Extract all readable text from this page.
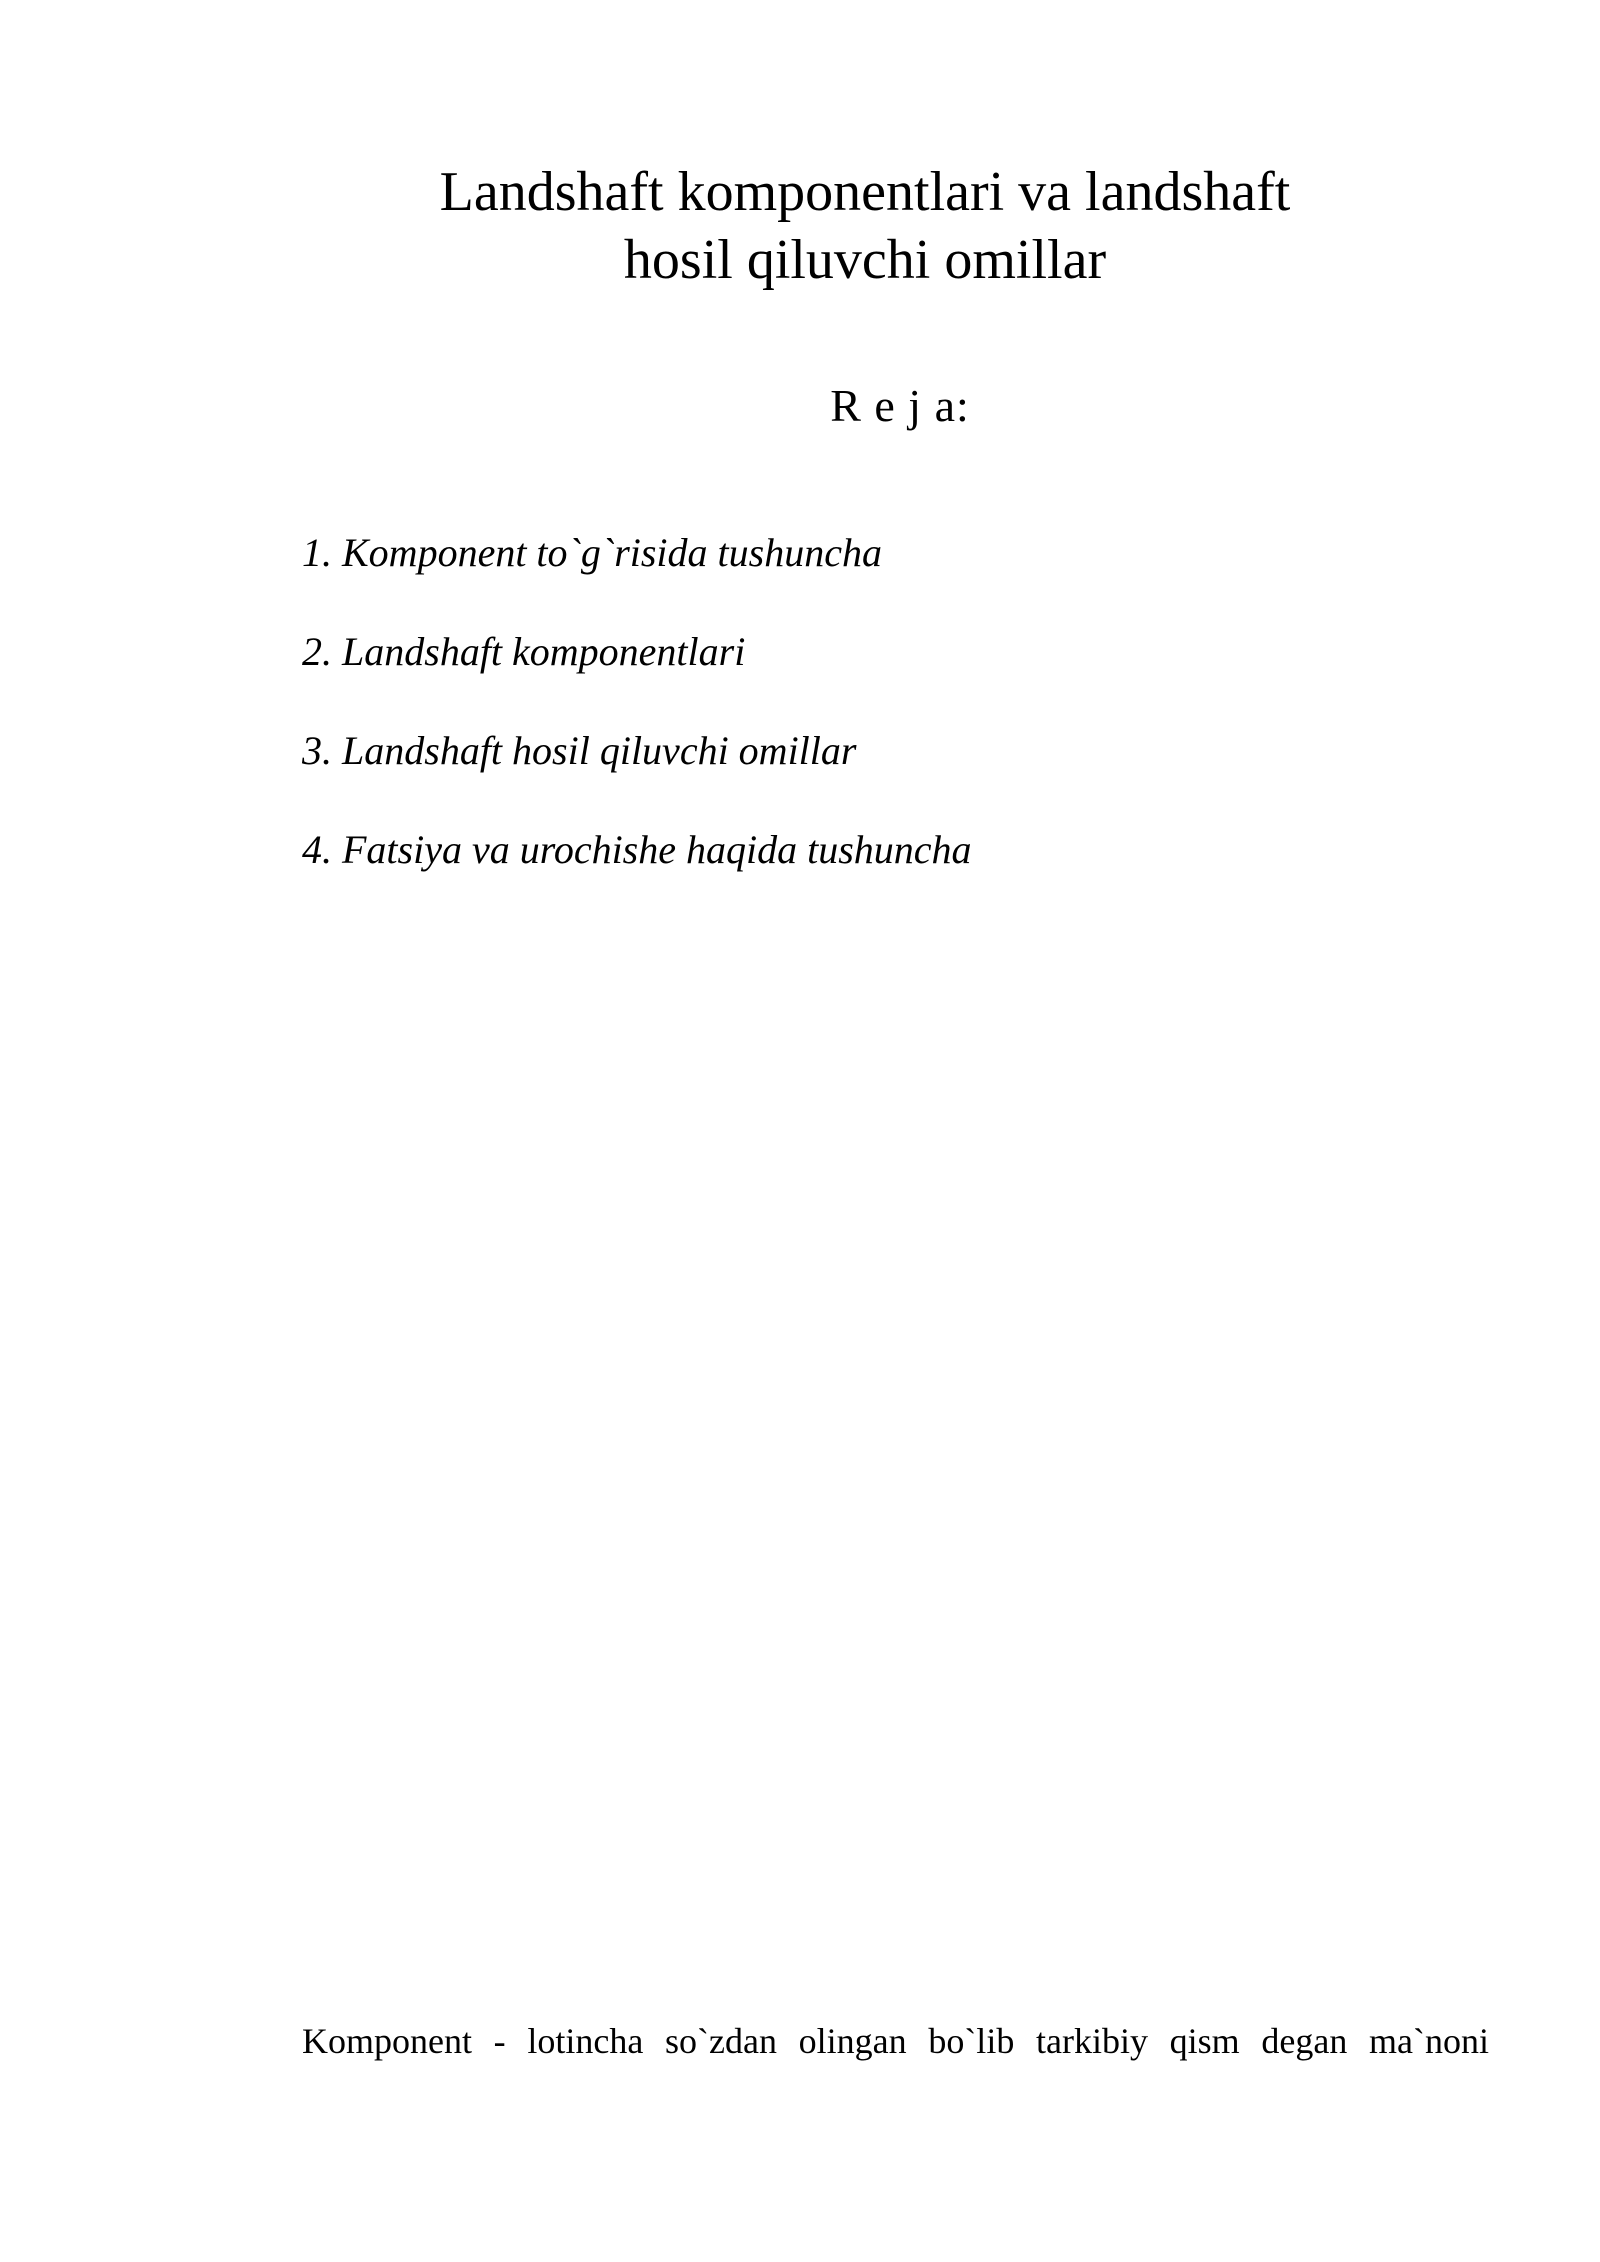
Landshaft komponentlari va landshaft
hosil qiluvchi omillar
R e j a:
1. Komponent to`g`risida tushuncha
2. Landshaft komponentlari
3. Landshaft hosil qiluvchi omillar
4. Fatsiya va urochishe haqida tushuncha

Komponent - lotincha so`zdan olingan bo`lib tarkibiy qism degan ma`noni
